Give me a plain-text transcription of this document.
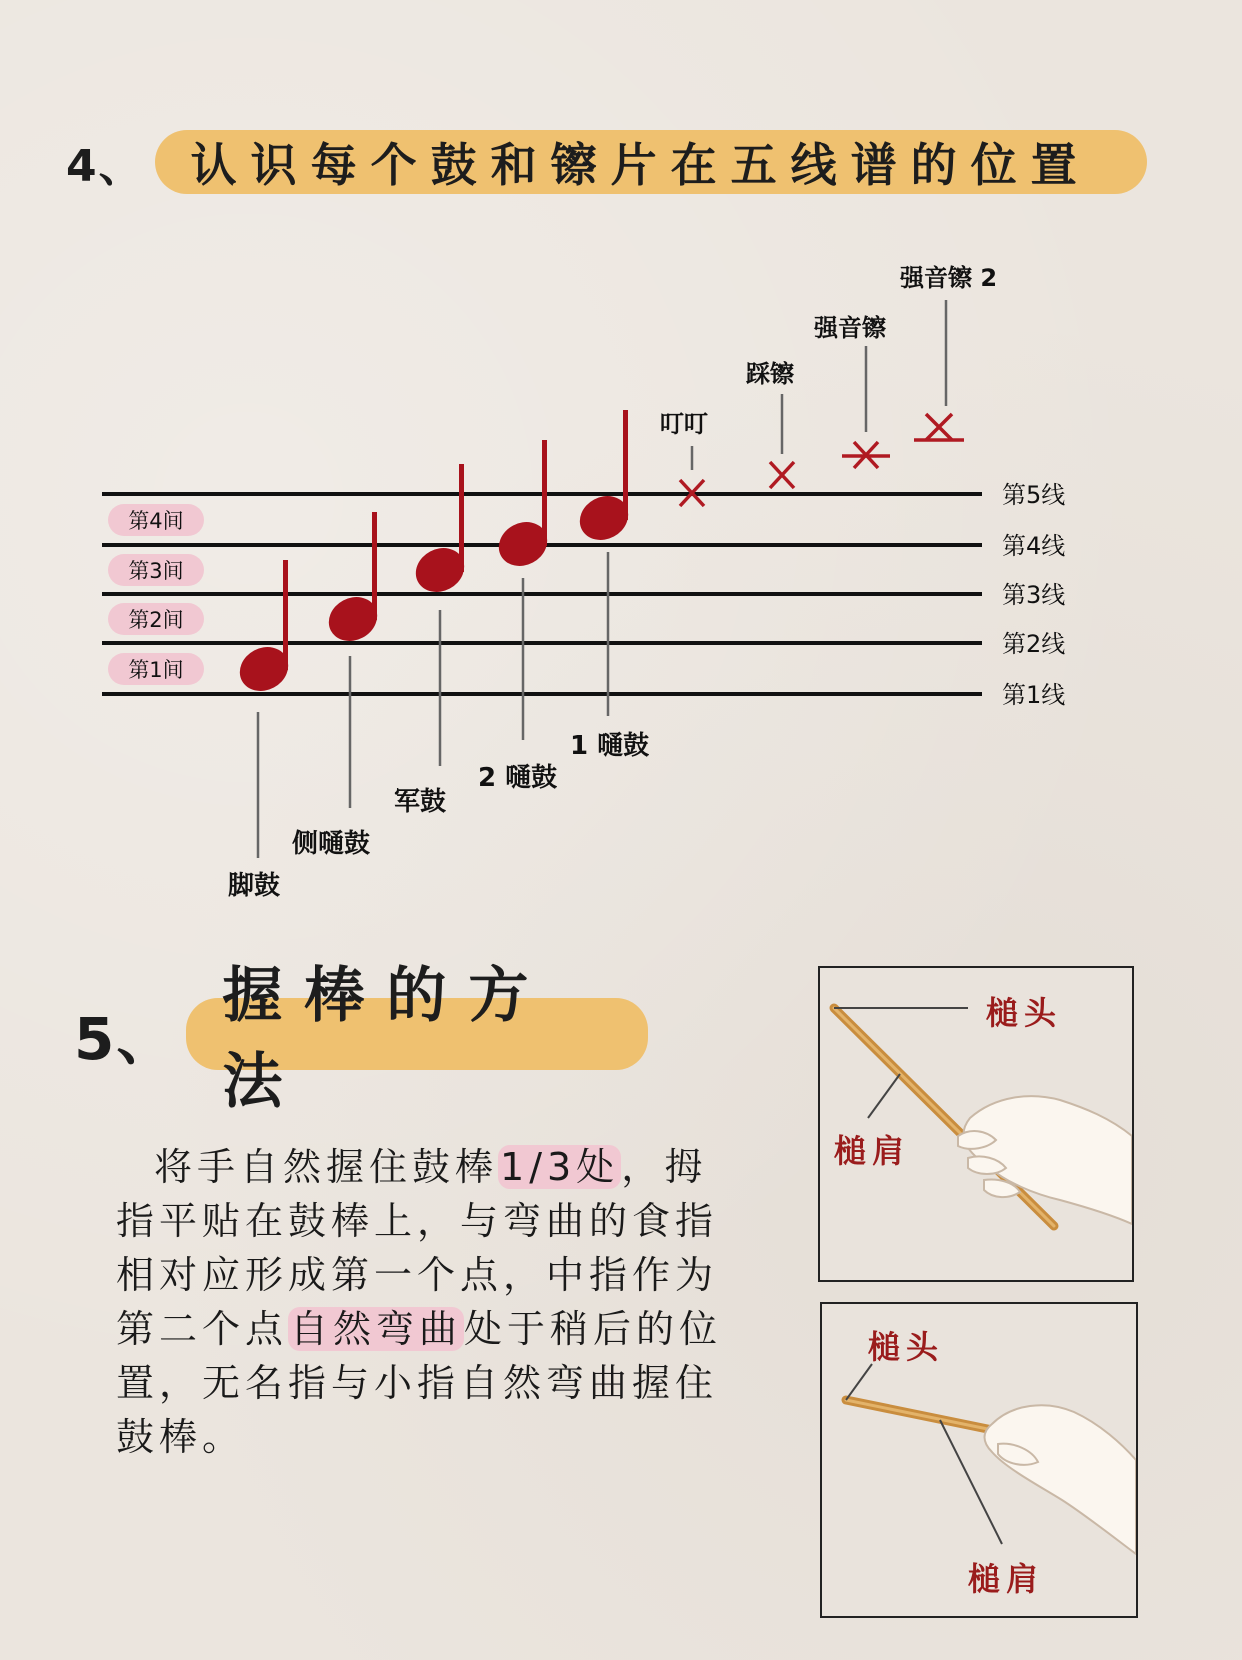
4、 认识每个鼓和镲片在五线谱的位置
第5线
第4线
第3线
第2线
第1线
第4间
第3间
第2间
第1间
脚鼓
侧嗵鼓
军鼓
2 嗵鼓
1 嗵鼓
叮叮
踩镲
强音镲
强音镲 2
5、
握棒的方法
将手自然握住鼓棒1/3处，拇指平贴在鼓棒上，与弯曲的食指相对应形成第一个点，中指作为第二个点自然弯曲处于稍后的位置，无名指与小指自然弯曲握住鼓棒。
槌头
槌肩
槌头
槌肩
